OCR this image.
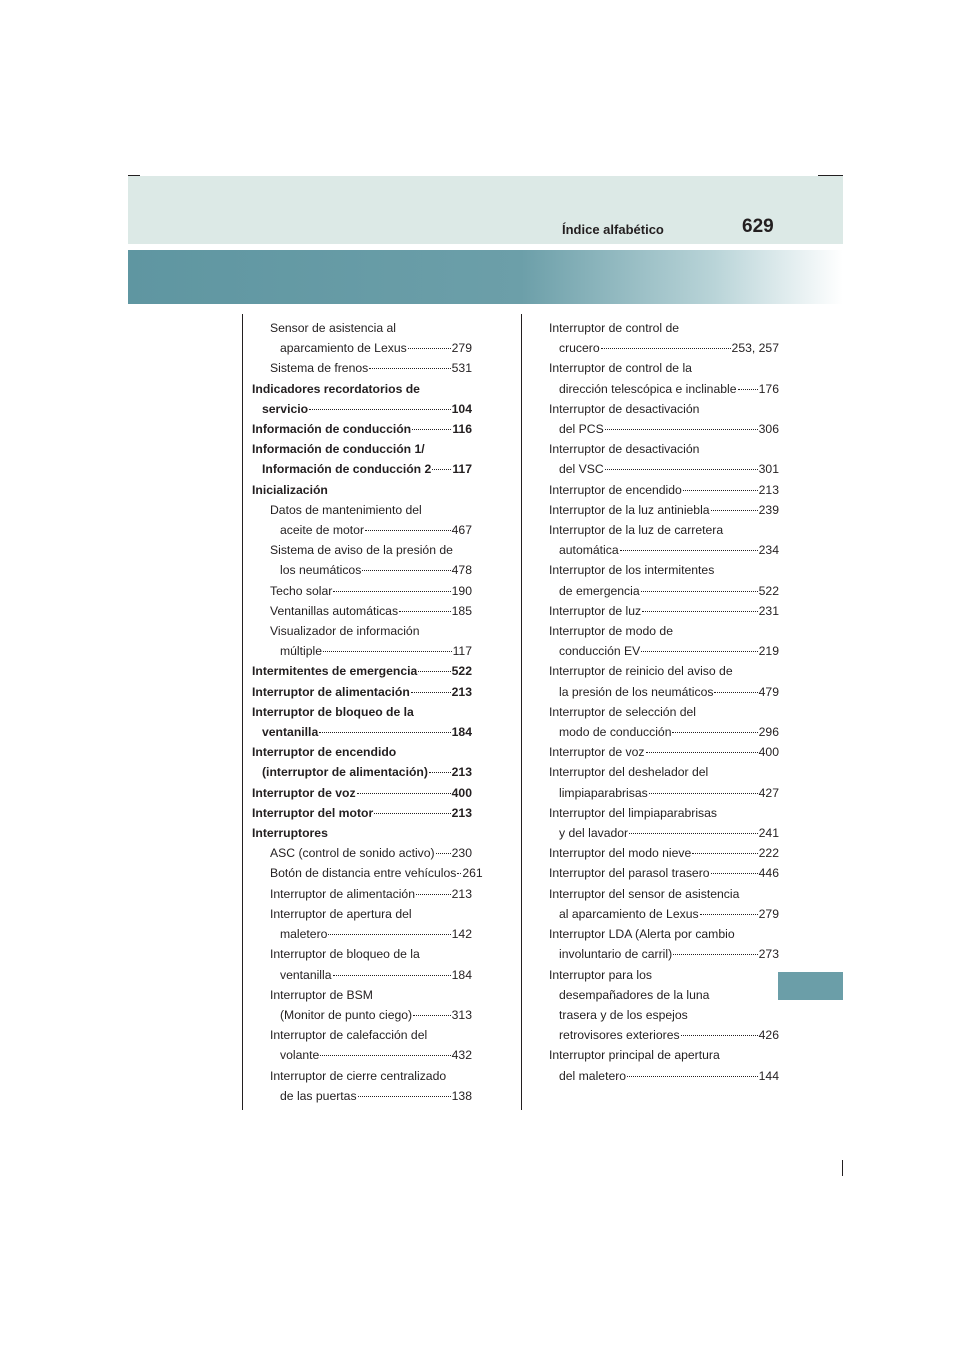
Índice alfabético	629
Sensor de asistencia al
aparcamiento de Lexus	279
Sistema de frenos	531
Indicadores recordatorios de
servicio	104
Información de conducción	116
Información de conducción 1/
Información de conducción 2 117
Inicialización
Datos de mantenimiento del
aceite de motor	467
Sistema de aviso de la presión de
los neumáticos	478
Techo solar	190
Ventanillas automáticas	185
Visualizador de información
múltiple	117
Intermitentes de emergencia	522
Interruptor de alimentación	213
Interruptor de bloqueo de la
ventanilla	184
Interruptor de encendido
(interruptor de alimentación) 213
Interruptor de voz	400
Interruptor del motor	213
Interruptores
ASC (control de sonido activo) 230
Botón de distancia entre vehículos 261
Interruptor de alimentación	213
Interruptor de apertura del
maletero	142
Interruptor de bloqueo de la
ventanilla	184
Interruptor de BSM
(Monitor de punto ciego)	313
Interruptor de calefacción del
volante	432
Interruptor de cierre centralizado
de las puertas	138
Interruptor de control de
crucero	253, 257
Interruptor de control de la
dirección telescópica e inclinable 176
Interruptor de desactivación
del PCS	306
Interruptor de desactivación
del VSC	301
Interruptor de encendido	213
Interruptor de la luz antiniebla	239
Interruptor de la luz de carretera
automática	234
Interruptor de los intermitentes
de emergencia	522
Interruptor de luz	231
Interruptor de modo de
conducción EV	219
Interruptor de reinicio del aviso de
la presión de los neumáticos	479
Interruptor de selección del
modo de conducción	296
Interruptor de voz	400
Interruptor del deshelador del
limpiaparabrisas	427
Interruptor del limpiaparabrisas
y del lavador	241
Interruptor del modo nieve	222
Interruptor del parasol trasero	446
Interruptor del sensor de asistencia
al aparcamiento de Lexus	279
Interruptor LDA (Alerta por cambio
involuntario de carril)	273
Interruptor para los
desempañadores de la luna
trasera y de los espejos
retrovisores exteriores	426
Interruptor principal de apertura
del maletero	144
